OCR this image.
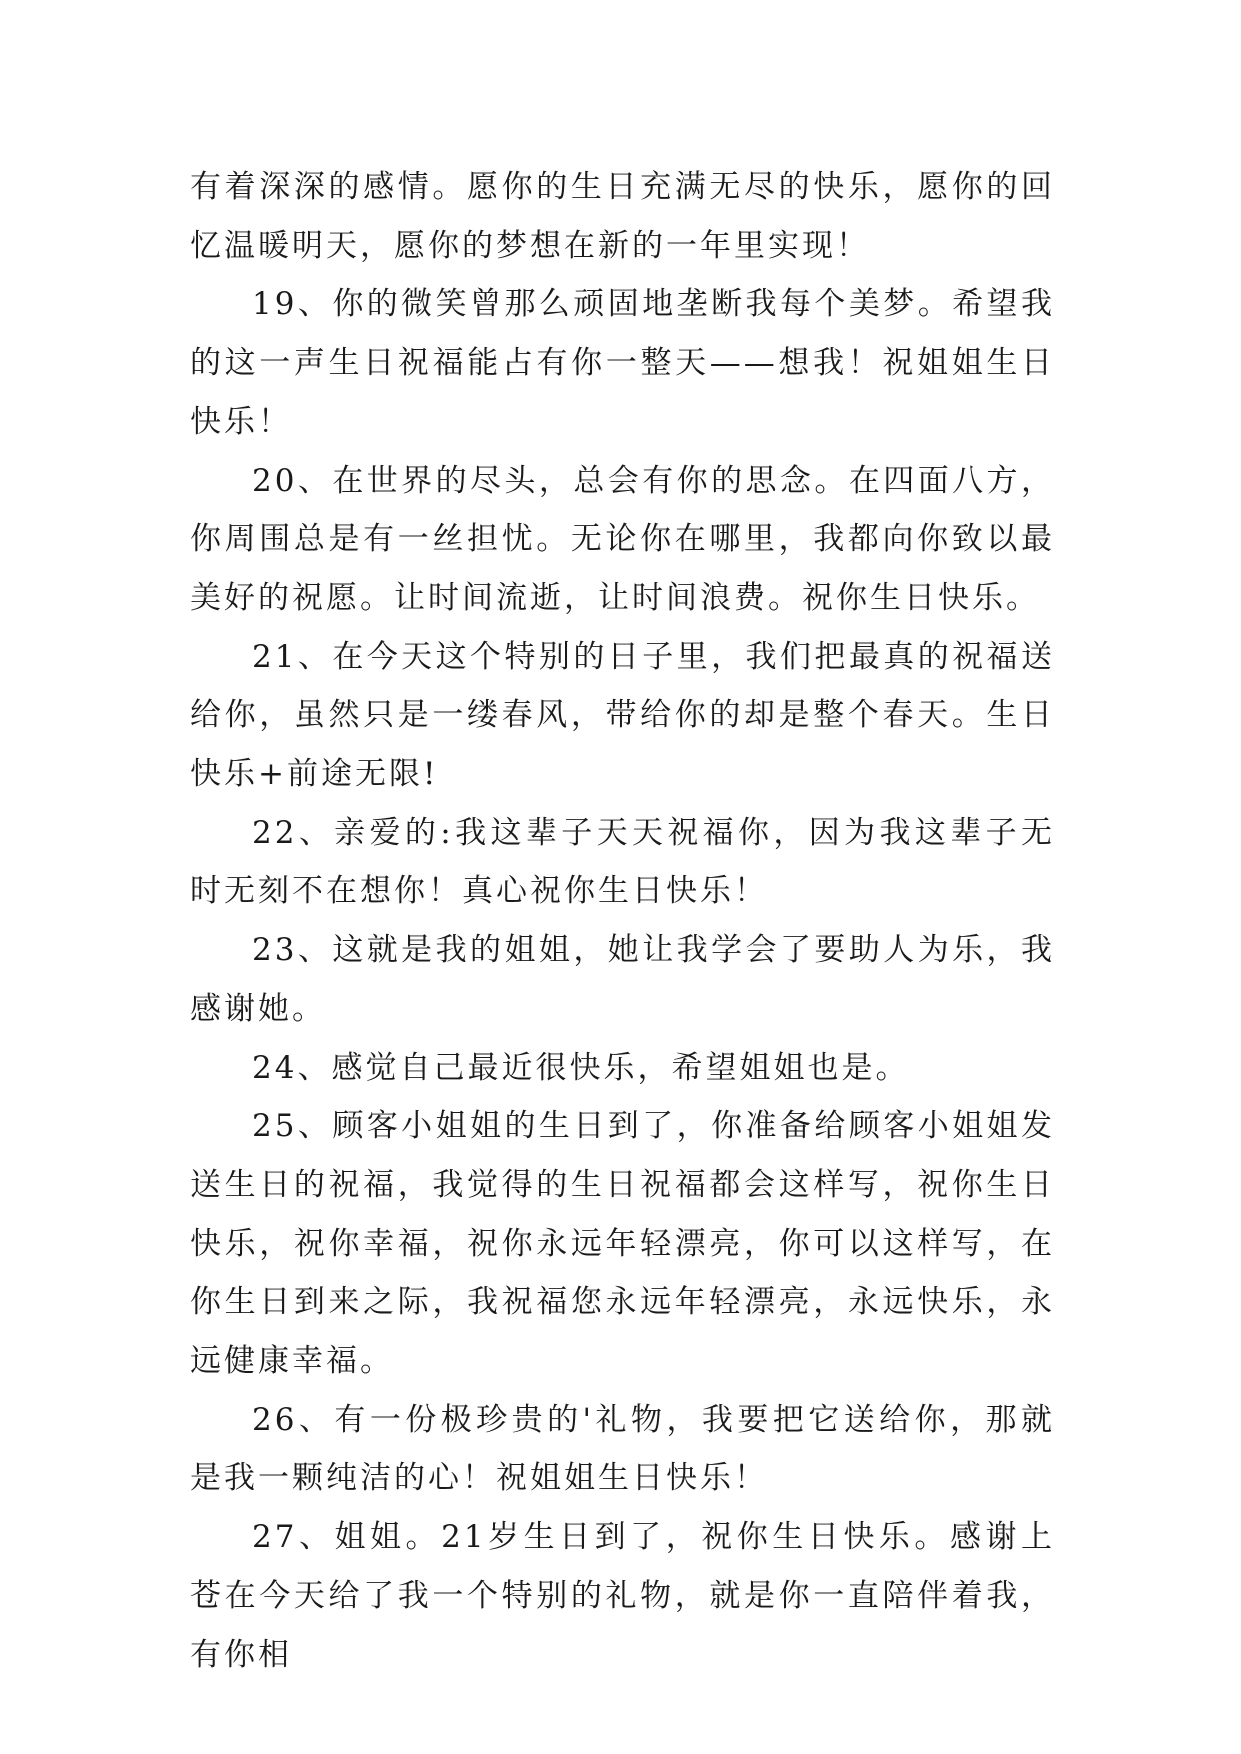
有着深深的感情。愿你的生日充满无尽的快乐，愿你的回忆温暖明天，愿你的梦想在新的一年里实现！

19、你的微笑曾那么顽固地垄断我每个美梦。希望我的这一声生日祝福能占有你一整天——想我！祝姐姐生日快乐！

20、在世界的尽头，总会有你的思念。在四面八方，你周围总是有一丝担忧。无论你在哪里，我都向你致以最美好的祝愿。让时间流逝，让时间浪费。祝你生日快乐。

21、在今天这个特别的日子里，我们把最真的祝福送给你，虽然只是一缕春风，带给你的却是整个春天。生日快乐+前途无限!

22、亲爱的:我这辈子天天祝福你，因为我这辈子无时无刻不在想你！真心祝你生日快乐！

23、这就是我的姐姐，她让我学会了要助人为乐，我感谢她。

24、感觉自己最近很快乐，希望姐姐也是。

25、顾客小姐姐的生日到了，你准备给顾客小姐姐发送生日的祝福，我觉得的生日祝福都会这样写，祝你生日快乐，祝你幸福，祝你永远年轻漂亮，你可以这样写，在你生日到来之际，我祝福您永远年轻漂亮，永远快乐，永远健康幸福。

26、有一份极珍贵的'礼物，我要把它送给你，那就是我一颗纯洁的心！祝姐姐生日快乐！

27、姐姐。21岁生日到了，祝你生日快乐。感谢上苍在今天给了我一个特别的礼物，就是你一直陪伴着我，有你相
